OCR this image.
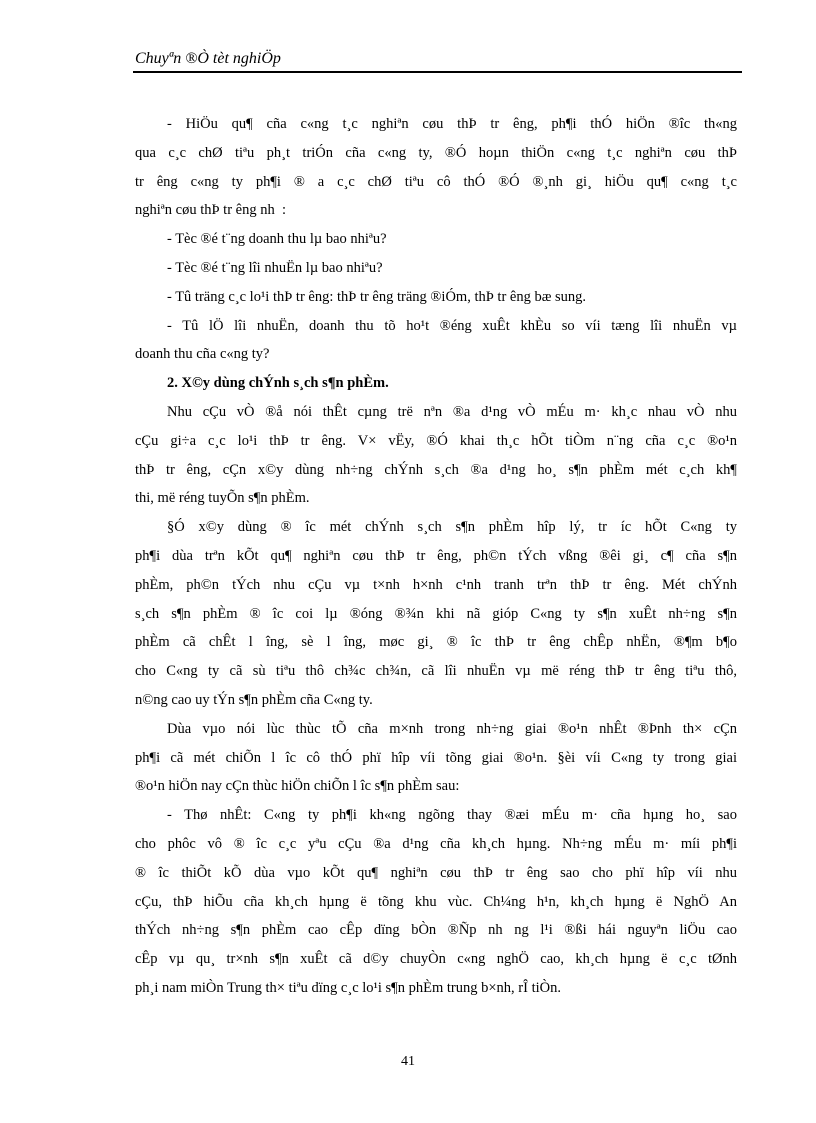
Chuyªn ®Ò tèt nghiÖp
- HiÖu qu¶ cña c«ng t¸c nghiªn cøu thÞ tr êng, ph¶i thÓ hiÖn ®îc th«ng
qua c¸c chØ tiªu ph¸t triÓn cña c«ng ty, ®Ó hoµn thiÖn c«ng t¸c nghiªn cøu thÞ
tr êng c«ng ty ph¶i ® a c¸c chØ tiªu cô thÓ ®Ó ®¸nh gi¸ hiÖu qu¶ c«ng t¸c
nghiªn cøu thÞ tr êng nh  :
- Tèc ®é t¨ng doanh thu lµ bao nhiªu?
- Tèc ®é t¨ng lîi nhuËn lµ bao nhiªu?
- Tû träng c¸c lo¹i thÞ tr êng: thÞ tr êng träng ®iÓm, thÞ tr êng bæ sung.
- Tû lÖ lîi nhuËn, doanh thu tõ ho¹t ®éng xuÊt khÈu so víi tæng lîi nhuËn vµ
doanh thu cña c«ng ty?
2. X©y dùng chÝnh s¸ch s¶n phÈm.
Nhu cÇu vÒ ®å nói thÊt cµng trë nªn ®a d¹ng vÒ mÉu m· kh¸c nhau vÒ nhu
cÇu gi÷a c¸c lo¹i thÞ tr êng. V× vËy, ®Ó khai th¸c hÕt tiÒm n¨ng cña c¸c ®o¹n
thÞ tr êng, cÇn x©y dùng nh÷ng chÝnh s¸ch ®a d¹ng ho¸ s¶n phÈm mét c¸ch kh¶
thi, më réng tuyÕn s¶n phÈm.
§Ó x©y dùng ® îc mét chÝnh s¸ch s¶n phÈm hîp lý, tr íc hÕt C«ng ty
ph¶i dùa trªn kÕt qu¶ nghiªn cøu thÞ tr êng, ph©n tÝch vßng ®êi gi¸ c¶ cña s¶n
phÈm, ph©n tÝch nhu cÇu vµ t×nh h×nh c¹nh tranh trªn thÞ tr êng. Mét chÝnh
s¸ch s¶n phÈm ® îc coi lµ ®óng ®¾n khi nã gióp C«ng ty s¶n xuÊt nh÷ng s¶n
phÈm cã chÊt l îng, sè l îng, møc gi¸ ® îc thÞ tr êng chÊp nhËn, ®¶m b¶o
cho C«ng ty cã sù tiªu thô ch¾c ch¾n, cã lîi nhuËn vµ më réng thÞ tr êng tiªu thô,
n©ng cao uy tÝn s¶n phÈm cña C«ng ty.
Dùa vµo nói lùc thùc tÕ cña m×nh trong nh÷ng giai ®o¹n nhÊt ®Þnh th× cÇn
ph¶i cã mét chiÕn l îc cô thÓ phï hîp víi tõng giai ®o¹n. §èi víi C«ng ty trong giai
®o¹n hiÖn nay cÇn thùc hiÖn chiÕn l îc s¶n phÈm sau:
- Thø nhÊt: C«ng ty ph¶i kh«ng ngõng thay ®æi mÉu m· cña hµng ho¸ sao
cho phôc vô ® îc c¸c yªu cÇu ®a d¹ng cña kh¸ch hµng. Nh÷ng mÉu m· míi ph¶i
® îc thiÕt kÕ dùa vµo kÕt qu¶ nghiªn cøu thÞ tr êng sao cho phï hîp víi nhu
cÇu, thÞ hiÕu cña kh¸ch hµng ë tõng khu vùc. Ch¼ng h¹n, kh¸ch hµng ë NghÖ An
thÝch nh÷ng s¶n phÈm cao cÊp dïng bÒn ®Ñp nh ng l¹i ®ßi hái nguyªn liÖu cao
cÊp vµ qu¸ tr×nh s¶n xuÊt cã d©y chuyÒn c«ng nghÖ cao, kh¸ch hµng ë c¸c tØnh
ph¸i nam miÒn Trung th× tiªu dïng c¸c lo¹i s¶n phÈm trung b×nh, rÎ tiÒn.
41
